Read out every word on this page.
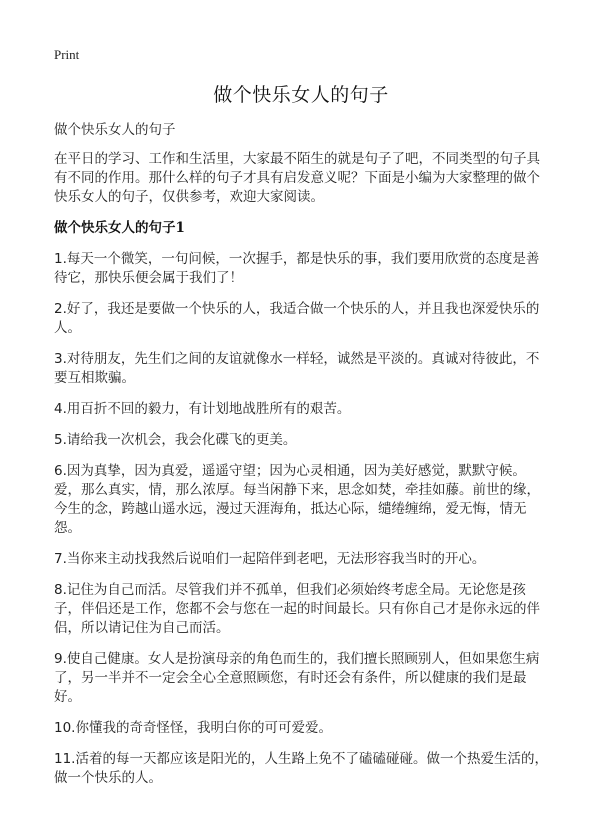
Print
做个快乐女人的句子
做个快乐女人的句子

在平日的学习、工作和生活里，大家最不陌生的就是句子了吧，不同类型的句子具有不同的作用。那什么样的句子才具有启发意义呢？下面是小编为大家整理的做个快乐女人的句子，仅供参考，欢迎大家阅读。

做个快乐女人的句子1

1.每天一个微笑，一句问候，一次握手，都是快乐的事，我们要用欣赏的态度是善待它，那快乐便会属于我们了！

2.好了，我还是要做一个快乐的人，我适合做一个快乐的人，并且我也深爱快乐的人。

3.对待朋友，先生们之间的友谊就像水一样轻，诚然是平淡的。真诚对待彼此，不要互相欺骗。

4.用百折不回的毅力，有计划地战胜所有的艰苦。

5.请给我一次机会，我会化碟飞的更美。

6.因为真挚，因为真爱，遥遥守望；因为心灵相通，因为美好感觉，默默守候。爱，那么真实，情，那么浓厚。每当闲静下来，思念如焚，牵挂如藤。前世的缘，今生的念，跨越山遥水远，漫过天涯海角，抵达心际，缱绻缠绵，爱无悔，情无怨。

7.当你来主动找我然后说咱们一起陪伴到老吧，无法形容我当时的开心。

8.记住为自己而活。尽管我们并不孤单，但我们必须始终考虑全局。无论您是孩子，伴侣还是工作，您都不会与您在一起的时间最长。只有你自己才是你永远的伴侣，所以请记住为自己而活。

9.使自己健康。女人是扮演母亲的角色而生的，我们擅长照顾别人，但如果您生病了，另一半并不一定会全心全意照顾您，有时还会有条件，所以健康的我们是最好。

10.你懂我的奇奇怪怪，我明白你的可可爱爱。

11.活着的每一天都应该是阳光的，人生路上免不了磕磕碰碰。做一个热爱生活的，做一个快乐的人。
